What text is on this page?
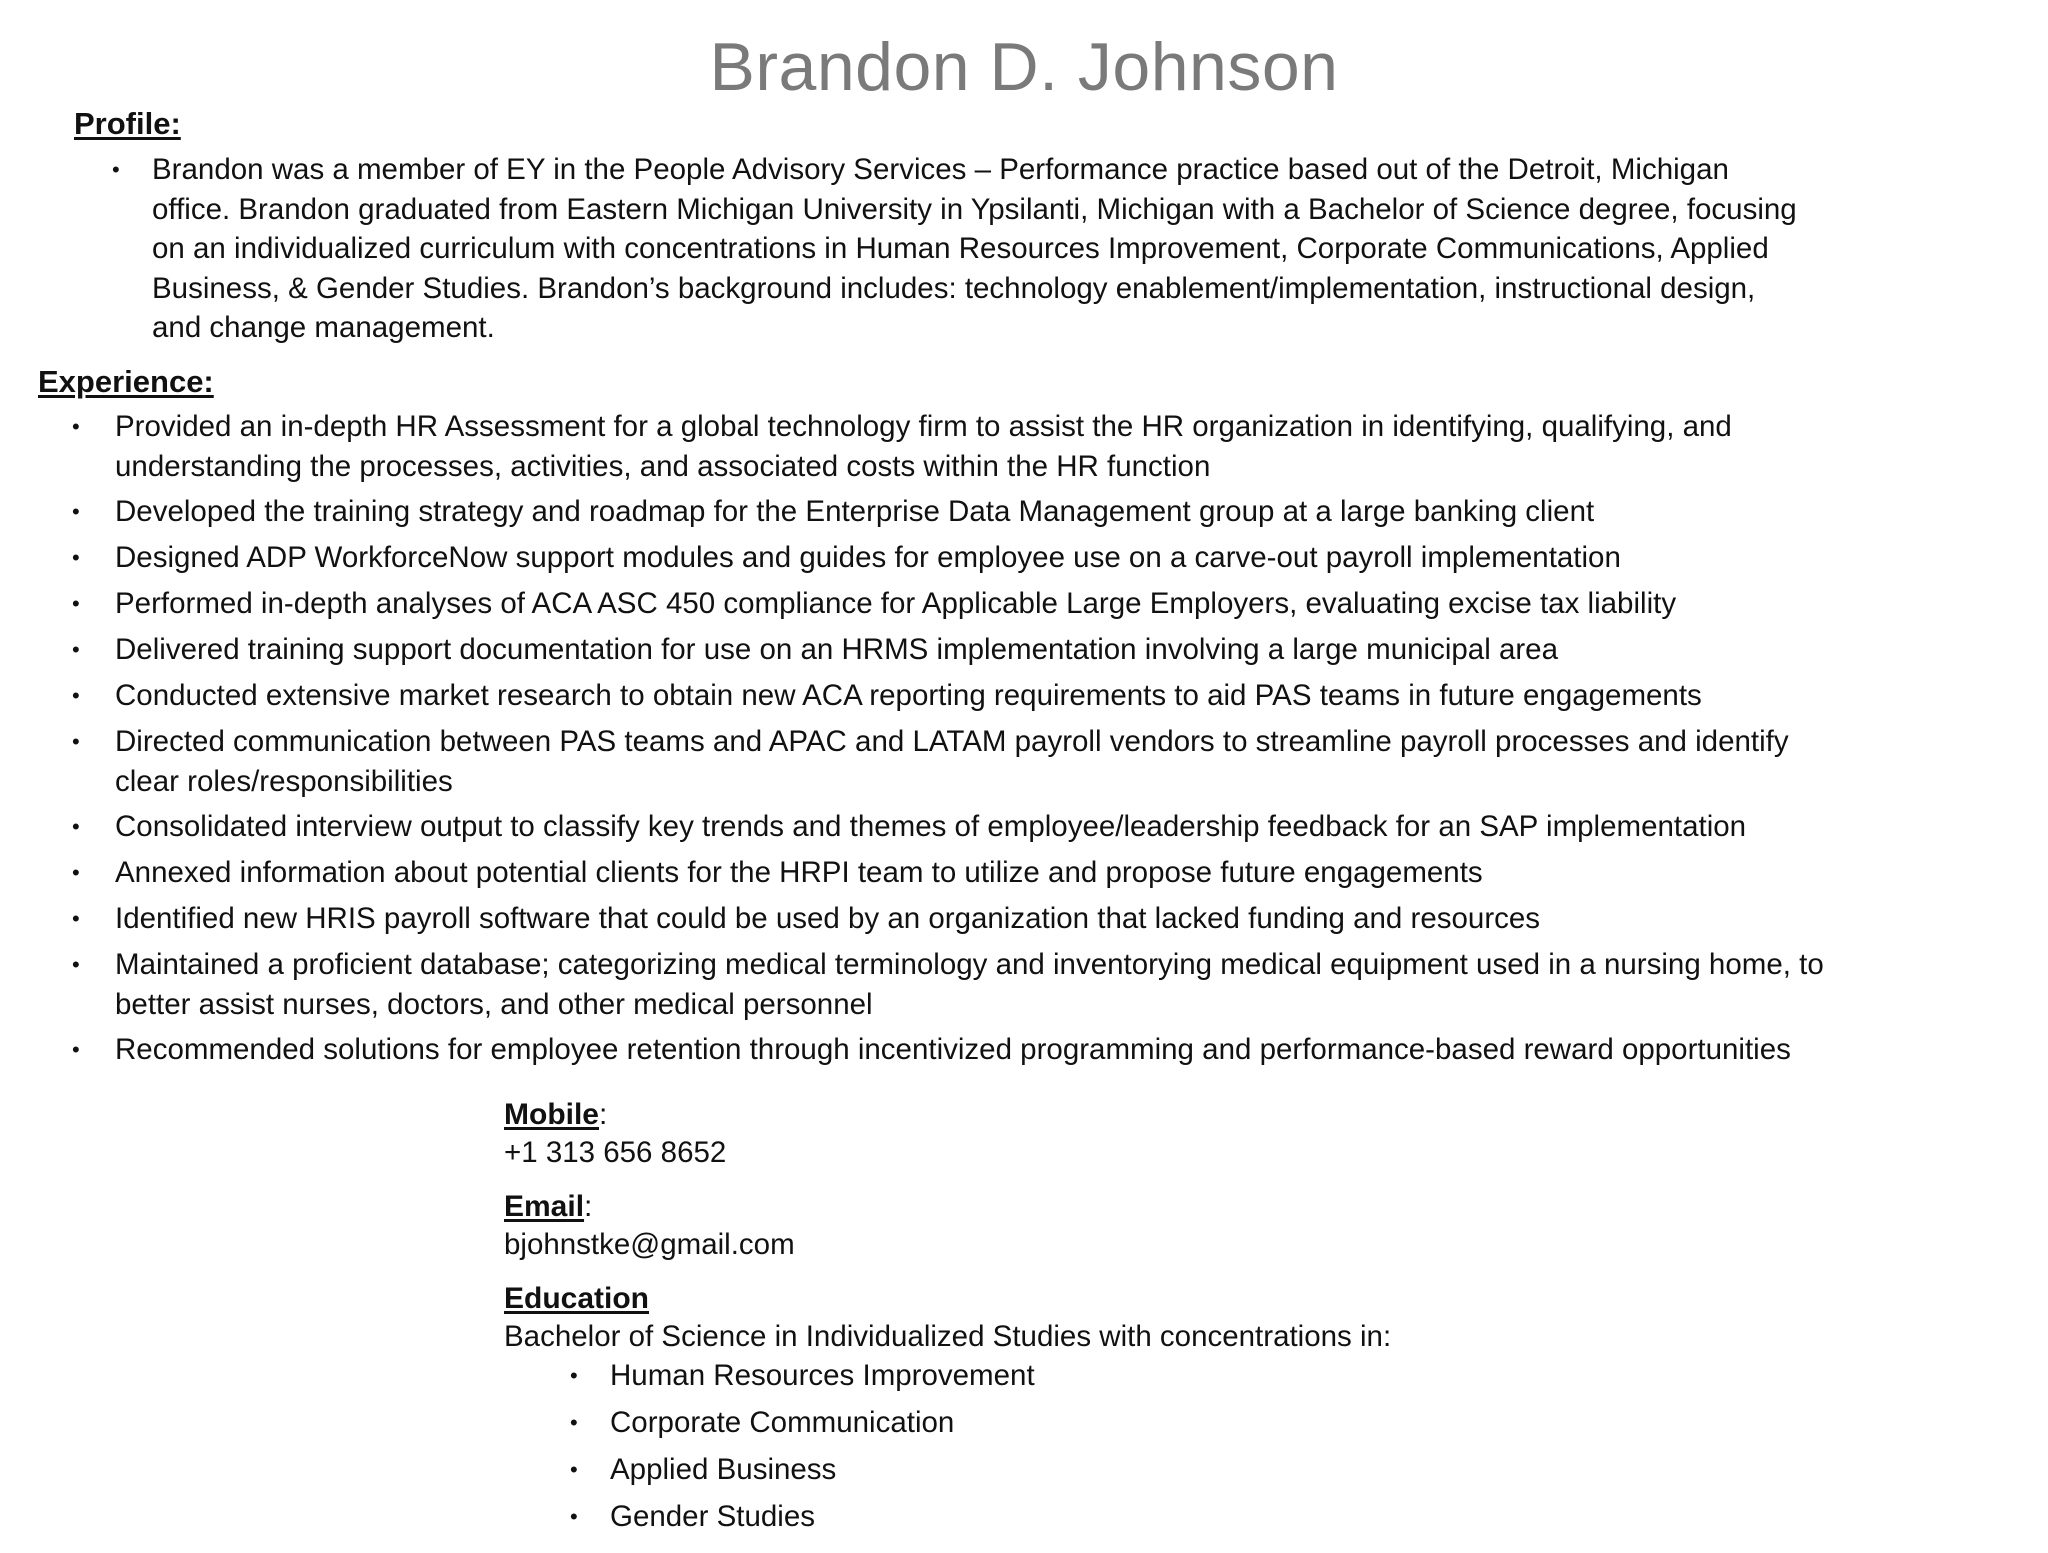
Brandon D. Johnson
Profile:
•	Brandon was a member of EY in the People Advisory Services – Performance practice based out of the Detroit, Michigan
office. Brandon graduated from Eastern Michigan University in Ypsilanti, Michigan with a Bachelor of Science degree, focusing
on an individualized curriculum with concentrations in Human Resources Improvement, Corporate Communications, Applied
Business, & Gender Studies. Brandon’s background includes: technology enablement/implementation, instructional design,
and change management.
Experience:
•	Provided an in-depth HR Assessment for a global technology firm to assist the HR organization in identifying, qualifying, and
understanding the processes, activities, and associated costs within the HR function
•	Developed the training strategy and roadmap for the Enterprise Data Management group at a large banking client
•	Designed ADP WorkforceNow support modules and guides for employee use on a carve-out payroll implementation
•	Performed in-depth analyses of ACA ASC 450 compliance for Applicable Large Employers, evaluating excise tax liability
•	Delivered training support documentation for use on an HRMS implementation involving a large municipal area
•	Conducted extensive market research to obtain new ACA reporting requirements to aid PAS teams in future engagements
•	Directed communication between PAS teams and APAC and LATAM payroll vendors to streamline payroll processes and identify
clear roles/responsibilities
•	Consolidated interview output to classify key trends and themes of employee/leadership feedback for an SAP implementation
•	Annexed information about potential clients for the HRPI team to utilize and propose future engagements
•	Identified new HRIS payroll software that could be used by an organization that lacked funding and resources
•	Maintained a proficient database; categorizing medical terminology and inventorying medical equipment used in a nursing home, to
better assist nurses, doctors, and other medical personnel
•	Recommended solutions for employee retention through incentivized programming and performance-based reward opportunities
Mobile:
+1 313 656 8652
Email:
bjohnstke@gmail.com
Education
Bachelor of Science in Individualized Studies with concentrations in:
•	Human Resources Improvement
•	Corporate Communication
•	Applied Business
•	Gender Studies
